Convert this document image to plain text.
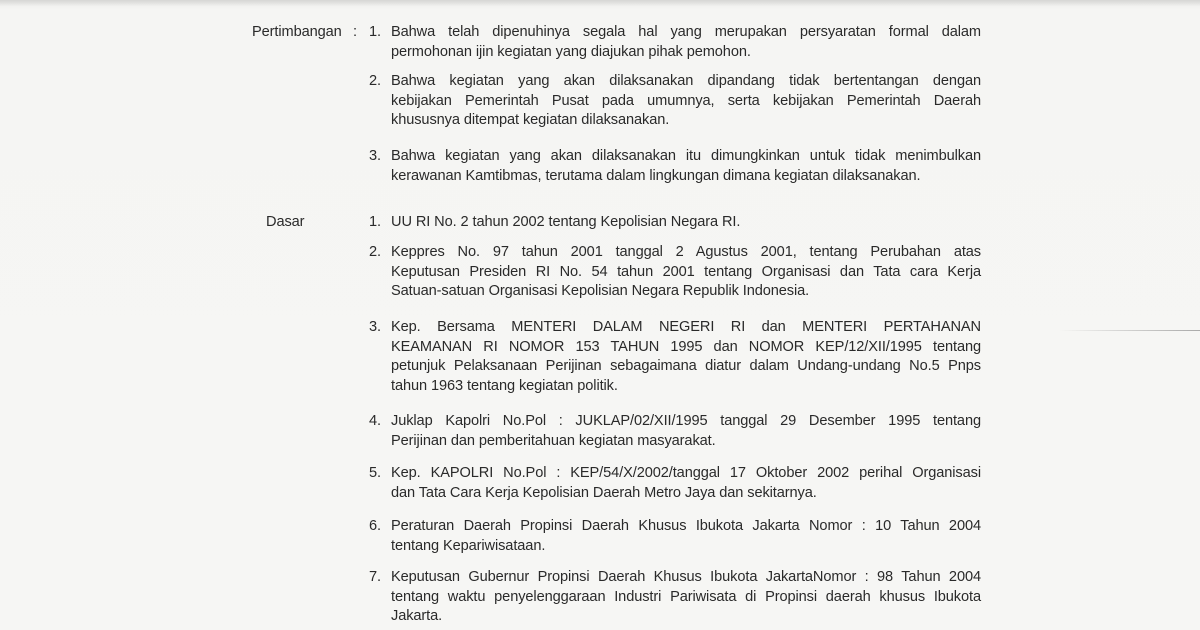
Pertimbangan : 1. Bahwa telah dipenuhinya segala hal yang merupakan persyaratan formal dalam
permohonan ijin kegiatan yang diajukan pihak pemohon.
2. Bahwa kegiatan yang akan dilaksanakan dipandang tidak bertentangan dengan
kebijakan Pemerintah Pusat pada umumnya, serta kebijakan Pemerintah Daerah
khususnya ditempat kegiatan dilaksanakan.
3. Bahwa kegiatan yang akan dilaksanakan itu dimungkinkan untuk tidak menimbulkan
kerawanan Kamtibmas, terutama dalam lingkungan dimana kegiatan dilaksanakan.
Dasar	1. UU RI No. 2 tahun 2002 tentang Kepolisian Negara RI.
2. Keppres No. 97 tahun 2001 tanggal 2 Agustus 2001, tentang Perubahan atas
Keputusan Presiden RI No. 54 tahun 2001 tentang Organisasi dan Tata cara Kerja
Satuan-satuan Organisasi Kepolisian Negara Republik Indonesia.
3. Kep. Bersama MENTERI DALAM NEGERI RI dan MENTERI PERTAHANAN
KEAMANAN RI NOMOR 153 TAHUN 1995 dan NOMOR KEP/12/XII/1995 tentang
petunjuk Pelaksanaan Perijinan sebagaimana diatur dalam Undang-undang No.5 Pnps
tahun 1963 tentang kegiatan politik.
4. Juklap Kapolri No.Pol : JUKLAP/02/XII/1995 tanggal 29 Desember 1995 tentang
Perijinan dan pemberitahuan kegiatan masyarakat.
5. Kep. KAPOLRI No.Pol : KEP/54/X/2002/tanggal 17 Oktober 2002 perihal Organisasi
dan Tata Cara Kerja Kepolisian Daerah Metro Jaya dan sekitarnya.
6. Peraturan Daerah Propinsi Daerah Khusus Ibukota Jakarta Nomor : 10 Tahun 2004
tentang Kepariwisataan.
7. Keputusan Gubernur Propinsi Daerah Khusus Ibukota JakartaNomor : 98 Tahun 2004
tentang waktu penyelenggaraan Industri Pariwisata di Propinsi daerah khusus Ibukota
Jakarta.
